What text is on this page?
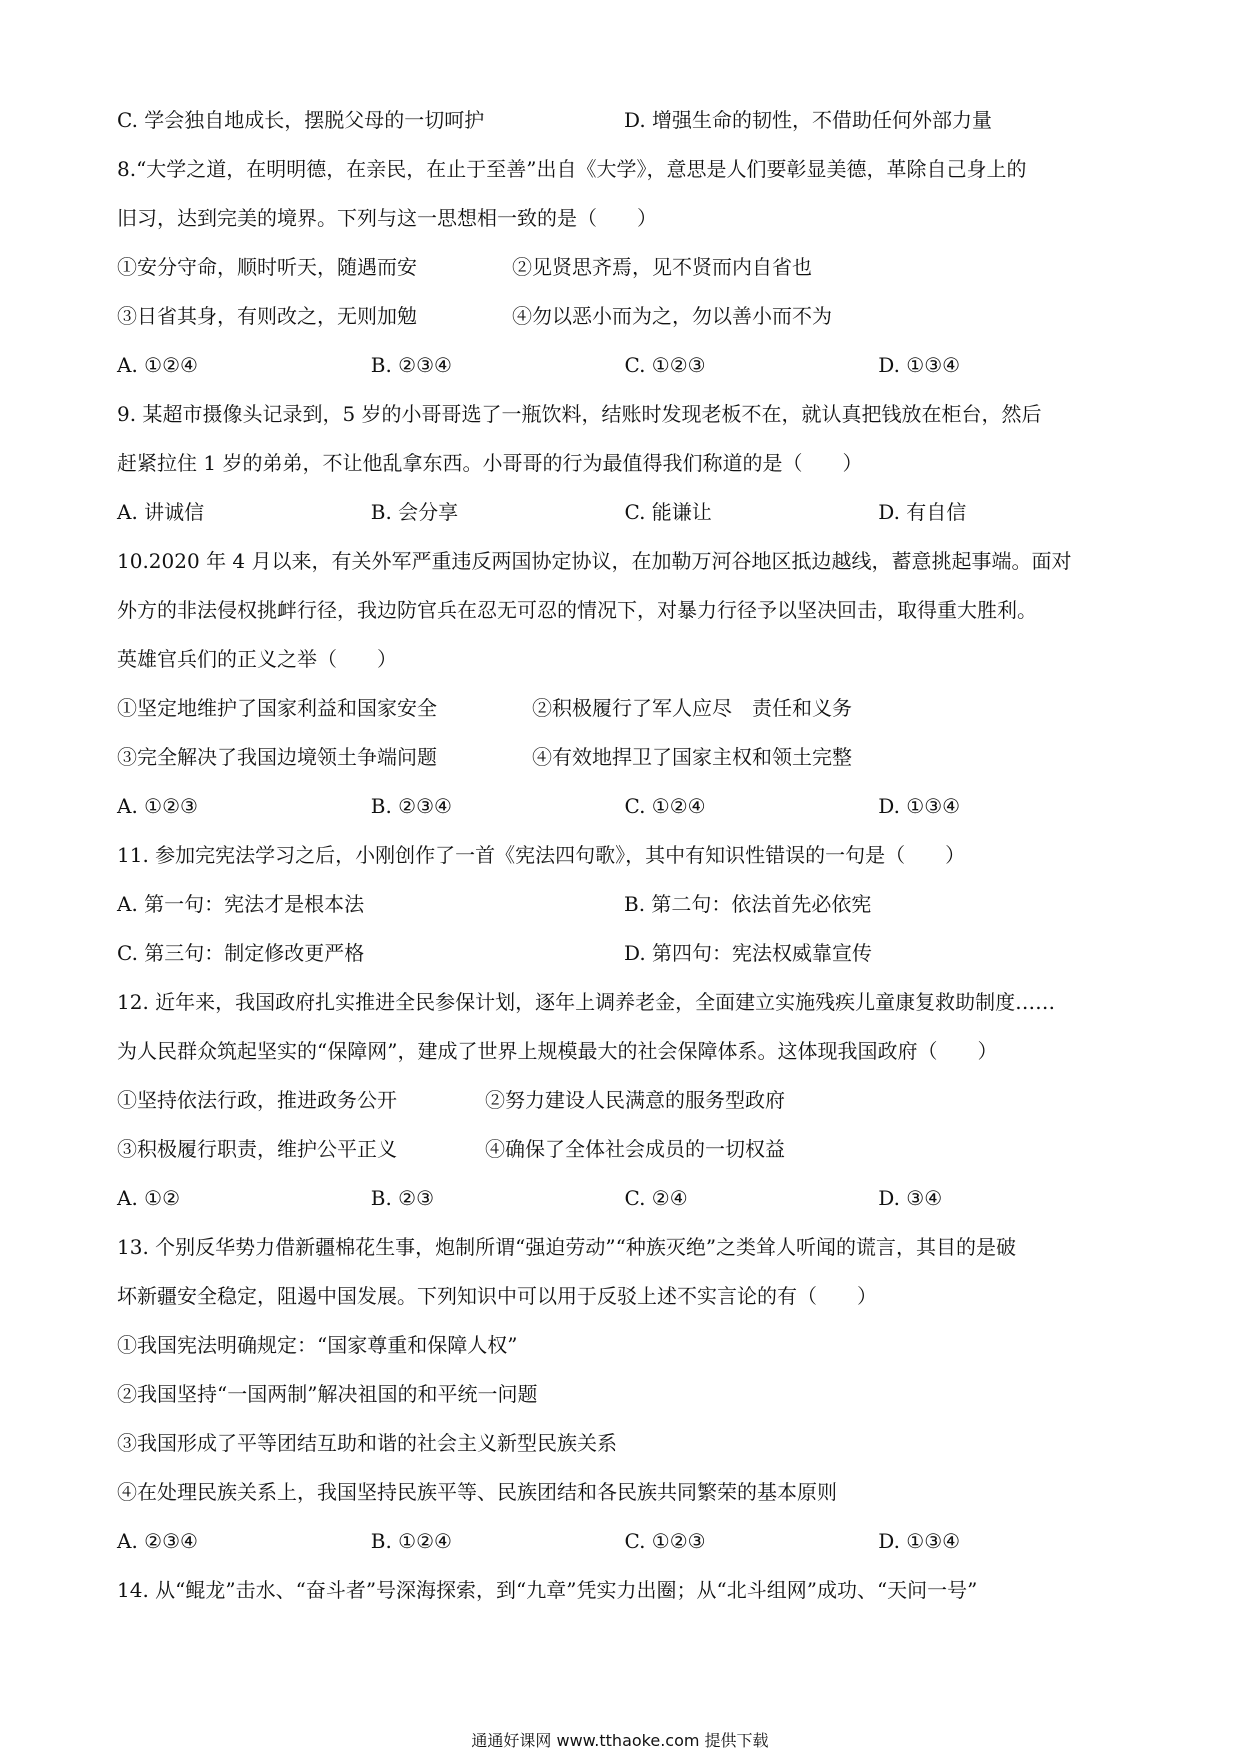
C. 学会独自地成长，摆脱父母的一切呵护	D. 增强生命的韧性，不借助任何外部力量
8.“大学之道，在明明德，在亲民，在止于至善”出自《大学》，意思是人们要彰显美德，革除自己身上的
旧习，达到完美的境界。下列与这一思想相一致的是（　　）
①安分守命，顺时听天，随遇而安	②见贤思齐焉，见不贤而内自省也
③日省其身，有则改之，无则加勉	④勿以恶小而为之，勿以善小而不为
A. ①②④	B. ②③④	C. ①②③	D. ①③④
9. 某超市摄像头记录到，5 岁的小哥哥选了一瓶饮料，结账时发现老板不在，就认真把钱放在柜台，然后
赶紧拉住 1 岁的弟弟，不让他乱拿东西。小哥哥的行为最值得我们称道的是（　　）
A. 讲诚信	B. 会分享	C. 能谦让	D. 有自信
10.2020 年 4 月以来，有关外军严重违反两国协定协议，在加勒万河谷地区抵边越线，蓄意挑起事端。面对
外方的非法侵权挑衅行径，我边防官兵在忍无可忍的情况下，对暴力行径予以坚决回击，取得重大胜利。
英雄官兵们的正义之举（　　）
①坚定地维护了国家利益和国家安全	②积极履行了军人应尽　责任和义务
③完全解决了我国边境领土争端问题	④有效地捍卫了国家主权和领土完整
A. ①②③	B. ②③④	C. ①②④	D. ①③④
11. 参加完宪法学习之后，小刚创作了一首《宪法四句歌》，其中有知识性错误的一句是（　　）
A. 第一句：宪法才是根本法	B. 第二句：依法首先必依宪
C. 第三句：制定修改更严格	D. 第四句：宪法权威靠宣传
12. 近年来，我国政府扎实推进全民参保计划，逐年上调养老金，全面建立实施残疾儿童康复救助制度……
为人民群众筑起坚实的“保障网”，建成了世界上规模最大的社会保障体系。这体现我国政府（　　）
①坚持依法行政，推进政务公开	②努力建设人民满意的服务型政府
③积极履行职责，维护公平正义	④确保了全体社会成员的一切权益
A. ①②	B. ②③	C. ②④	D. ③④
13. 个别反华势力借新疆棉花生事，炮制所谓“强迫劳动”“种族灭绝”之类耸人听闻的谎言，其目的是破
坏新疆安全稳定，阻遏中国发展。下列知识中可以用于反驳上述不实言论的有（　　）
①我国宪法明确规定：“国家尊重和保障人权”
②我国坚持“一国两制”解决祖国的和平统一问题
③我国形成了平等团结互助和谐的社会主义新型民族关系
④在处理民族关系上，我国坚持民族平等、民族团结和各民族共同繁荣的基本原则
A. ②③④	B. ①②④	C. ①②③	D. ①③④
14. 从“鲲龙”击水、“奋斗者”号深海探索，到“九章”凭实力出圈；从“北斗组网”成功、“天问一号”
通通好课网 www.tthaoke.com 提供下载
